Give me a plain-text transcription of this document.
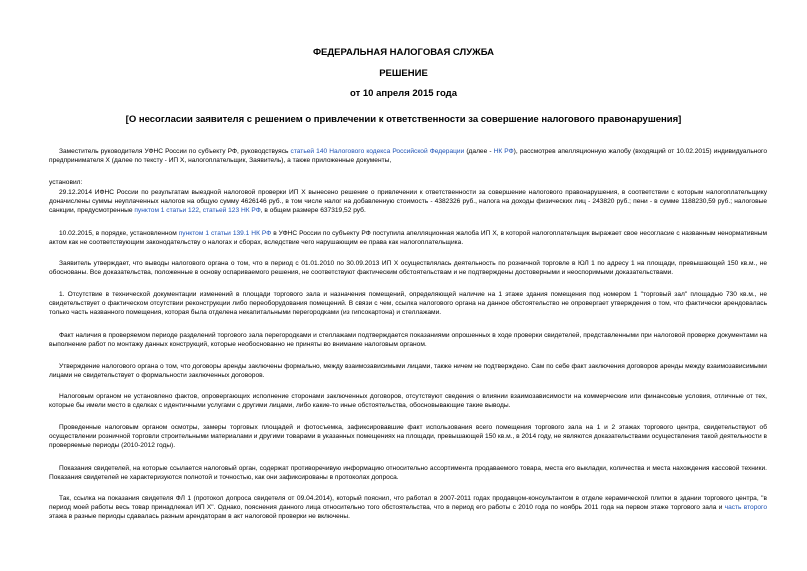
ФЕДЕРАЛЬНАЯ НАЛОГОВАЯ СЛУЖБА
РЕШЕНИЕ
от 10 апреля 2015 года
[О несогласии заявителя с решением о привлечении к ответственности за совершение налогового правонарушения]

Заместитель руководителя УФНС России по субъекту РФ, руководствуясь статьей 140 Налогового кодекса Российской Федерации (далее - НК РФ), рассмотрев апелляционную жалобу (входящий от 10.02.2015) индивидуального предпринимателя Х (далее по тексту - ИП Х, налогоплательщик, Заявитель), а также приложенные документы,

установил:

29.12.2014 ИФНС России по результатам выездной налоговой проверки ИП Х вынесено решение о привлечении к ответственности за совершение налогового правонарушения, в соответствии с которым налогоплательщику доначислены суммы неуплаченных налогов на общую сумму 4626146 руб., в том числе налог на добавленную стоимость - 4382326 руб., налога на доходы физических лиц - 243820 руб.; пени - в сумме 1188230,59 руб.; налоговые санкции, предусмотренные пунктом 1 статьи 122, статьей 123 НК РФ, в общем размере 637319,52 руб.

10.02.2015, в порядке, установленном пунктом 1 статьи 139.1 НК РФ в УФНС России по субъекту РФ поступила апелляционная жалоба ИП Х, в которой налогоплательщик выражает свое несогласие с названным ненормативным актом как не соответствующим законодательству о налогах и сборах, вследствие чего нарушающим ее права как налогоплательщика.

Заявитель утверждает, что выводы налогового органа о том, что в период с 01.01.2010 по 30.09.2013 ИП Х осуществлялась деятельность по розничной торговле в ЮЛ 1 по адресу 1 на площади, превышающей 150 кв.м., не обоснованы. Все доказательства, положенные в основу оспариваемого решения, не соответствуют фактическим обстоятельствам и не подтверждены достоверными и неоспоримыми доказательствами.

1. Отсутствие в технической документации изменений в площади торгового зала и назначения помещений, определяющей наличие на 1 этаже здания помещения под номером 1 "торговый зал" площадью 730 кв.м., не свидетельствует о фактическом отсутствии реконструкции либо переоборудования помещений. В связи с чем, ссылка налогового органа на данное обстоятельство не опровергает утверждения о том, что фактически арендовалась только часть названного помещения, которая была отделена некапитальными перегородками (из гипсокартона) и стеллажами.

Факт наличия в проверяемом периоде разделений торгового зала перегородками и стеллажами подтверждается показаниями опрошенных в ходе проверки свидетелей, представленными при налоговой проверке документами на выполнение работ по монтажу данных конструкций, которые необоснованно не приняты во внимание налоговым органом.

Утверждение налогового органа о том, что договоры аренды заключены формально, между взаимозависимыми лицами, также ничем не подтверждено. Сам по себе факт заключения договоров аренды между взаимозависимыми лицами не свидетельствует о формальности заключенных договоров.

Налоговым органом не установлено фактов, опровергающих исполнение сторонами заключенных договоров, отсутствуют сведения о влиянии взаимозависимости на коммерческие или финансовые условия, отличные от тех, которые бы имели место в сделках с идентичными услугами с другими лицами, либо какие-то иные обстоятельства, обосновывающие такие выводы.

Проведенные налоговым органом осмотры, замеры торговых площадей и фотосъемка, зафиксировавшие факт использования всего помещения торгового зала на 1 и 2 этажах торгового центра, свидетельствуют об осуществлении розничной торговли строительными материалами и другими товарами в указанных помещениях на площади, превышающей 150 кв.м., в 2014 году, не являются доказательствами осуществления такой деятельности в проверяемые периоды (2010-2012 годы).

Показания свидетелей, на которые ссылается налоговый орган, содержат противоречивую информацию относительно ассортимента продаваемого товара, места его выкладки, количества и места нахождения кассовой техники. Показания свидетелей не характеризуются полнотой и точностью, как они зафиксированы в протоколах допроса.

Так, ссылка на показания свидетеля ФЛ 1 (протокол допроса свидетеля от 09.04.2014), который пояснил, что работал в 2007-2011 годах продавцом-консультантом в отделе керамической плитки в здании торгового центра, "в период моей работы весь товар принадлежал ИП Х". Однако, пояснения данного лица относительно того обстоятельства, что в период его работы с 2010 года по ноябрь 2011 года на первом этаже торгового зала и часть второго этажа в разные периоды сдавалась разным арендаторам в акт налоговой проверки не включены.
